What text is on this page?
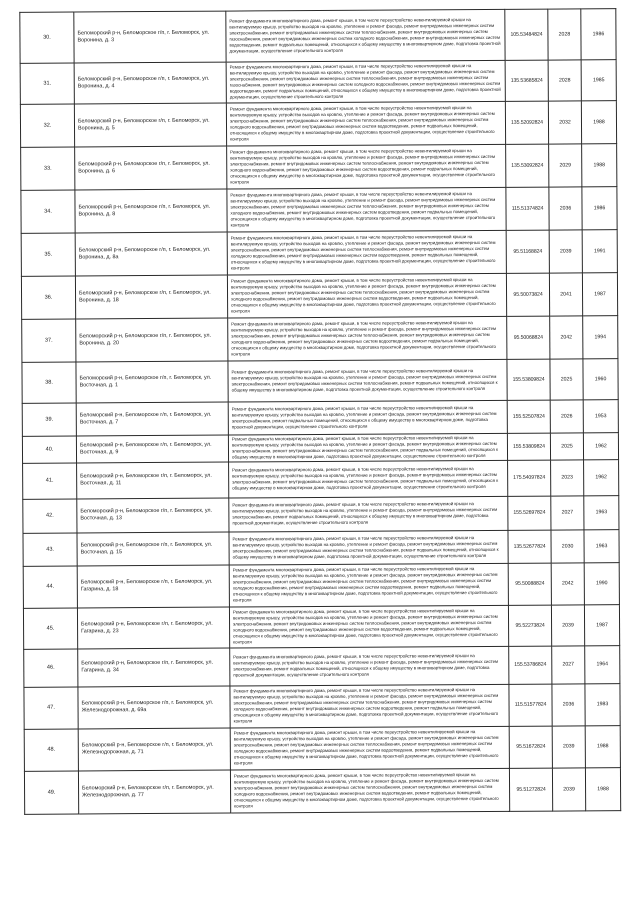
30.	Беломорский р-н, Беломорское г/п, г. Беломорск, ул. Воронина, д. 3	Ремонт фундамента многоквартирного дома, ремонт крыши, в том числе переустройство невентилируемой крыши на вентилируемую крышу, устройство выходов на кровлю, утепление и ремонт фасада, ремонт внутридомовых инженерных систем электроснабжения, ремонт внутридомовых инженерных систем теплоснабжения, ремонт внутридомовых инженерных систем газоснабжения, ремонт внутридомовых инженерных систем холодного водоснабжения, ремонт внутридомовых инженерных систем водоотведения, ремонт подвальных помещений, относящихся к общему имуществу в многоквартирном доме, подготовка проектной документации, осуществление строительного контроля	105.53484824	2028	1986
31.	Беломорский р-н, Беломорское г/п, г. Беломорск, ул. Воронина, д. 4	Ремонт фундамента многоквартирного дома, ремонт крыши, в том числе переустройство невентилируемой крыши на вентилируемую крышу, устройство выходов на кровлю, утепление и ремонт фасада, ремонт внутридомовых инженерных систем электроснабжения, ремонт внутридомовых инженерных систем теплоснабжения, ремонт внутридомовых инженерных систем газоснабжения, ремонт внутридомовых инженерных систем холодного водоснабжения, ремонт внутридомовых инженерных систем водоотведения, ремонт подвальных помещений, относящихся к общему имуществу в многоквартирном доме, подготовка проектной документации, осуществление строительного контроля	135.53685824	2028	1985
32.	Беломорский р-н, Беломорское г/п, г. Беломорск, ул. Воронина, д. 5	Ремонт фундамента многоквартирного дома, ремонт крыши, в том числе переустройство невентилируемой крыши на вентилируемую крышу, устройство выходов на кровлю, утепление и ремонт фасада, ремонт внутридомовых инженерных систем электроснабжения, ремонт внутридомовых инженерных систем теплоснабжения, ремонт внутридомовых инженерных систем холодного водоснабжения, ремонт внутридомовых инженерных систем водоотведения, ремонт подвальных помещений, относящихся к общему имуществу в многоквартирном доме, подготовка проектной документации, осуществление строительного контроля	135.52092824	2032	1988
33.	Беломорский р-н, Беломорское г/п, г. Беломорск, ул. Воронина, д. 6	Ремонт фундамента многоквартирного дома, ремонт крыши, в том числе переустройство невентилируемой крыши на вентилируемую крышу, устройство выходов на кровлю, утепление и ремонт фасада, ремонт внутридомовых инженерных систем электроснабжения, ремонт внутридомовых инженерных систем теплоснабжения, ремонт внутридомовых инженерных систем холодного водоснабжения, ремонт внутридомовых инженерных систем водоотведения, ремонт подвальных помещений, относящихся к общему имуществу в многоквартирном доме, подготовка проектной документации, осуществление строительного контроля	135.53092824	2029	1988
34.	Беломорский р-н, Беломорское г/п, г. Беломорск, ул. Воронина, д. 8	Ремонт фундамента многоквартирного дома, ремонт крыши, в том числе переустройство невентилируемой крыши на вентилируемую крышу, устройство выходов на кровлю, утепление и ремонт фасада, ремонт внутридомовых инженерных систем электроснабжения, ремонт внутридомовых инженерных систем теплоснабжения, ремонт внутридомовых инженерных систем холодного водоснабжения, ремонт внутридомовых инженерных систем водоотведения, ремонт подвальных помещений, относящихся к общему имуществу в многоквартирном доме, подготовка проектной документации, осуществление строительного контроля	115.51374824	2036	1986
35.	Беломорский р-н, Беломорское г/п, г. Беломорск, ул. Воронина, д. 8а	Ремонт фундамента многоквартирного дома, ремонт крыши, в том числе переустройство невентилируемой крыши на вентилируемую крышу, устройство выходов на кровлю, утепление и ремонт фасада, ремонт внутридомовых инженерных систем электроснабжения, ремонт внутридомовых инженерных систем теплоснабжения, ремонт внутридомовых инженерных систем холодного водоснабжения, ремонт внутридомовых инженерных систем водоотведения, ремонт подвальных помещений, относящихся к общему имуществу в многоквартирном доме, подготовка проектной документации, осуществление строительного контроля	95.51168824	2039	1991
36.	Беломорский р-н, Беломорское г/п, г. Беломорск, ул. Воронина, д. 18	Ремонт фундамента многоквартирного дома, ремонт крыши, в том числе переустройство невентилируемой крыши на вентилируемую крышу, устройство выходов на кровлю, утепление и ремонт фасада, ремонт внутридомовых инженерных систем электроснабжения, ремонт внутридомовых инженерных систем теплоснабжения, ремонт внутридомовых инженерных систем холодного водоснабжения, ремонт внутридомовых инженерных систем водоотведения, ремонт подвальных помещений, относящихся к общему имуществу в многоквартирном доме, подготовка проектной документации, осуществление строительного контроля	95.50073824	2041	1987
37.	Беломорский р-н, Беломорское г/п, г. Беломорск, ул. Воронина, д. 20	Ремонт фундамента многоквартирного дома, ремонт крыши, в том числе переустройство невентилируемой крыши на вентилируемую крышу, устройство выходов на кровлю, утепление и ремонт фасада, ремонт внутридомовых инженерных систем электроснабжения, ремонт внутридомовых инженерных систем теплоснабжения, ремонт внутридомовых инженерных систем холодного водоснабжения, ремонт внутридомовых инженерных систем водоотведения, ремонт подвальных помещений, относящихся к общему имуществу в многоквартирном доме, подготовка проектной документации, осуществление строительного контроля	95.50068824	2042	1994
38.	Беломорский р-н, Беломорское г/п, г. Беломорск, ул. Восточная, д. 1	Ремонт фундамента многоквартирного дома, ремонт крыши, в том числе переустройство невентилируемой крыши на вентилируемую крышу, устройство выходов на кровлю, утепление и ремонт фасада, ремонт внутридомовых инженерных систем электроснабжения, ремонт внутридомовых инженерных систем теплоснабжения, ремонт подвальных помещений, относящихся к общему имуществу в многоквартирном доме, подготовка проектной документации, осуществление строительного контроля	155.53809824	2025	1960
39.	Беломорский р-н, Беломорское г/п, г. Беломорск, ул. Восточная, д. 7	Ремонт фундамента многоквартирного дома, ремонт крыши, в том числе переустройство невентилируемой крыши на вентилируемую крышу, устройство выходов на кровлю, утепление и ремонт фасада, ремонт внутридомовых инженерных систем электроснабжения, ремонт подвальных помещений, относящихся к общему имуществу в многоквартирном доме, подготовка проектной документации, осуществление строительного контроля	155.52507824	2026	1953
40.	Беломорский р-н, Беломорское г/п, г. Беломорск, ул. Восточная, д. 9	Ремонт фундамента многоквартирного дома, ремонт крыши, в том числе переустройство невентилируемой крыши на вентилируемую крышу, устройство выходов на кровлю, утепление и ремонт фасада, ремонт внутридомовых инженерных систем электроснабжения, ремонт внутридомовых инженерных систем теплоснабжения, ремонт подвальных помещений, относящихся к общему имуществу в многоквартирном доме, подготовка проектной документации, осуществление строительного контроля	155.53809824	2025	1962
41.	Беломорский р-н, Беломорское г/п, г. Беломорск, ул. Восточная, д. 11	Ремонт фундамента многоквартирного дома, ремонт крыши, в том числе переустройство невентилируемой крыши на вентилируемую крышу, устройство выходов на кровлю, утепление и ремонт фасада, ремонт внутридомовых инженерных систем электроснабжения, ремонт внутридомовых инженерных систем теплоснабжения, ремонт подвальных помещений, относящихся к общему имуществу в многоквартирном доме, подготовка проектной документации, осуществление строительного контроля	175.54097824	2023	1962
42.	Беломорский р-н, Беломорское г/п, г. Беломорск, ул. Восточная, д. 13	Ремонт фундамента многоквартирного дома, ремонт крыши, в том числе переустройство невентилируемой крыши на вентилируемую крышу, устройство выходов на кровлю, утепление и ремонт фасада, ремонт внутридомовых инженерных систем электроснабжения, ремонт подвальных помещений, относящихся к общему имуществу в многоквартирном доме, подготовка проектной документации, осуществление строительного контроля	155.52697824	2027	1963
43.	Беломорский р-н, Беломорское г/п, г. Беломорск, ул. Восточная, д. 15	Ремонт фундамента многоквартирного дома, ремонт крыши, в том числе переустройство невентилируемой крыши на вентилируемую крышу, устройство выходов на кровлю, утепление и ремонт фасада, ремонт внутридомовых инженерных систем электроснабжения, ремонт внутридомовых инженерных систем теплоснабжения, ремонт подвальных помещений, относящихся к общему имуществу в многоквартирном доме, подготовка проектной документации, осуществление строительного контроля	135.52677824	2030	1963
44.	Беломорский р-н, Беломорское г/п, г. Беломорск, ул. Гагарина, д. 18	Ремонт фундамента многоквартирного дома, ремонт крыши, в том числе переустройство невентилируемой крыши на вентилируемую крышу, устройство выходов на кровлю, утепление и ремонт фасада, ремонт внутридомовых инженерных систем электроснабжения, ремонт внутридомовых инженерных систем теплоснабжения, ремонт внутридомовых инженерных систем холодного водоснабжения, ремонт внутридомовых инженерных систем водоотведения, ремонт подвальных помещений, относящихся к общему имуществу в многоквартирном доме, подготовка проектной документации, осуществление строительного контроля	95.50088824	2042	1990
45.	Беломорский р-н, Беломорское г/п, г. Беломорск, ул. Гагарина, д. 23	Ремонт фундамента многоквартирного дома, ремонт крыши, в том числе переустройство невентилируемой крыши на вентилируемую крышу, устройство выходов на кровлю, утепление и ремонт фасада, ремонт внутридомовых инженерных систем электроснабжения, ремонт внутридомовых инженерных систем теплоснабжения, ремонт внутридомовых инженерных систем холодного водоснабжения, ремонт внутридомовых инженерных систем водоотведения, ремонт подвальных помещений, относящихся к общему имуществу в многоквартирном доме, подготовка проектной документации, осуществление строительного контроля	95.52273824	2039	1987
46.	Беломорский р-н, Беломорское г/п, г. Беломорск, ул. Гагарина, д. 34	Ремонт фундамента многоквартирного дома, ремонт крыши, в том числе переустройство невентилируемой крыши на вентилируемую крышу, устройство выходов на кровлю, утепление и ремонт фасада, ремонт внутридомовых инженерных систем электроснабжения, ремонт подвальных помещений, относящихся к общему имуществу в многоквартирном доме, подготовка проектной документации, осуществление строительного контроля	155.53786824	2027	1964
47.	Беломорский р-н, Беломорское г/п, г. Беломорск, ул. Железнодорожная, д. 69а	Ремонт фундамента многоквартирного дома, ремонт крыши, в том числе переустройство невентилируемой крыши на вентилируемую крышу, устройство выходов на кровлю, утепление и ремонт фасада, ремонт внутридомовых инженерных систем электроснабжения, ремонт внутридомовых инженерных систем теплоснабжения, ремонт внутридомовых инженерных систем холодного водоснабжения, ремонт внутридомовых инженерных систем водоотведения, ремонт подвальных помещений, относящихся к общему имуществу в многоквартирном доме, подготовка проектной документации, осуществление строительного контроля	115.51577824	2036	1983
48.	Беломорский р-н, Беломорское г/п, г. Беломорск, ул. Железнодорожная, д. 71	Ремонт фундамента многоквартирного дома, ремонт крыши, в том числе переустройство невентилируемой крыши на вентилируемую крышу, устройство выходов на кровлю, утепление и ремонт фасада, ремонт внутридомовых инженерных систем электроснабжения, ремонт внутридомовых инженерных систем теплоснабжения, ремонт внутридомовых инженерных систем холодного водоснабжения, ремонт внутридомовых инженерных систем водоотведения, ремонт подвальных помещений, относящихся к общему имуществу в многоквартирном доме, подготовка проектной документации, осуществление строительного контроля	95.51672824	2039	1988
49.	Беломорский р-н, Беломорское г/п, г. Беломорск, ул. Железнодорожная, д. 77	Ремонт фундамента многоквартирного дома, ремонт крыши, в том числе переустройство невентилируемой крыши на вентилируемую крышу, устройство выходов на кровлю, утепление и ремонт фасада, ремонт внутридомовых инженерных систем электроснабжения, ремонт внутридомовых инженерных систем теплоснабжения, ремонт внутридомовых инженерных систем холодного водоснабжения, ремонт внутридомовых инженерных систем водоотведения, ремонт подвальных помещений, относящихся к общему имуществу в многоквартирном доме, подготовка проектной документации, осуществление строительного контроля	95.51272824	2039	1988
